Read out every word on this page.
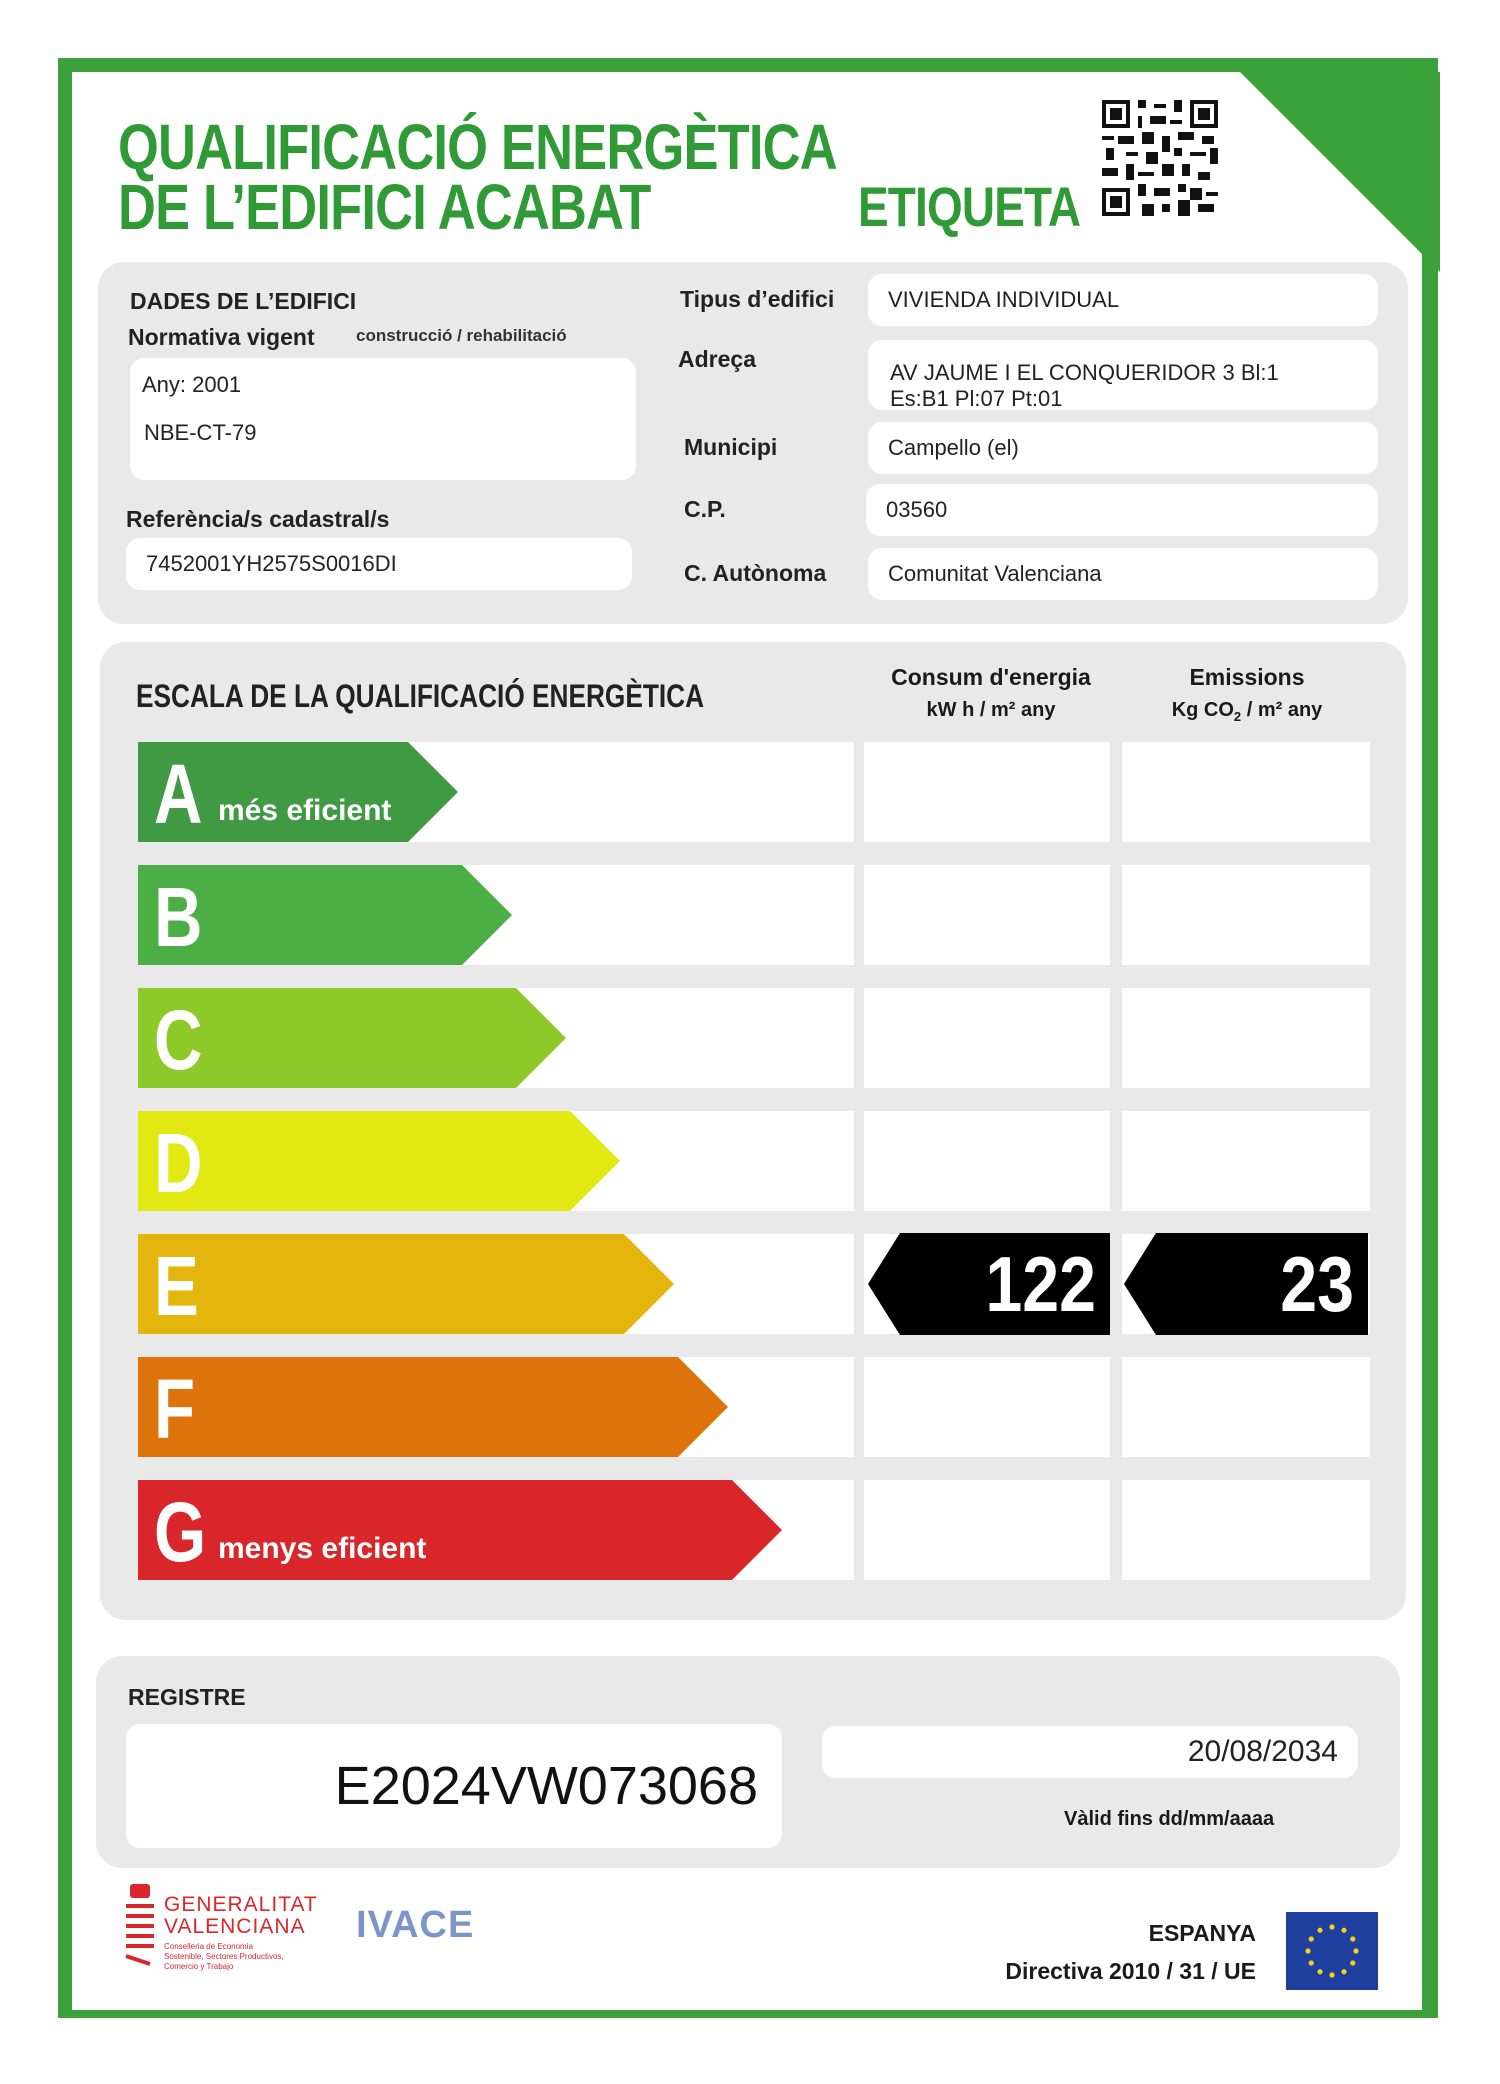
QUALIFICACIÓ ENERGÈTICA
DE L’EDIFICI ACABAT	ETIQUETA
DADES DE L’EDIFICI
Normativa vigent construcció / rehabilitació
Any: 2001
NBE-CT-79
Referència/s cadastral/s
7452001YH2575S0016DI
Tipus d’edifici	VIVIENDA INDIVIDUAL
Adreça
AV JAUME I EL CONQUERIDOR 3 Bl:1
Es:B1 Pl:07 Pt:01
Municipi	Campello (el)
C.P.	03560
C. Autònoma	Comunitat Valenciana
ESCALA DE LA QUALIFICACIÓ ENERGÈTICA
Consum d'energia
kW h / m² any
Emissions
Kg $CO_2 / m^2$ any
A més eficient
B
C
D
E	122	23
F
G menys eficient
REGISTRE
E2024VW073068
20/08/2034
Vàlid fins dd/mm/aaaa
GENERALITAT
VALENCIANA
Conselleria de Economia
Sostenible, Sectores Productivos,
Comercio y Trabajo
IVACE	ESPANYA
Directiva 2010 / 31 / UE
